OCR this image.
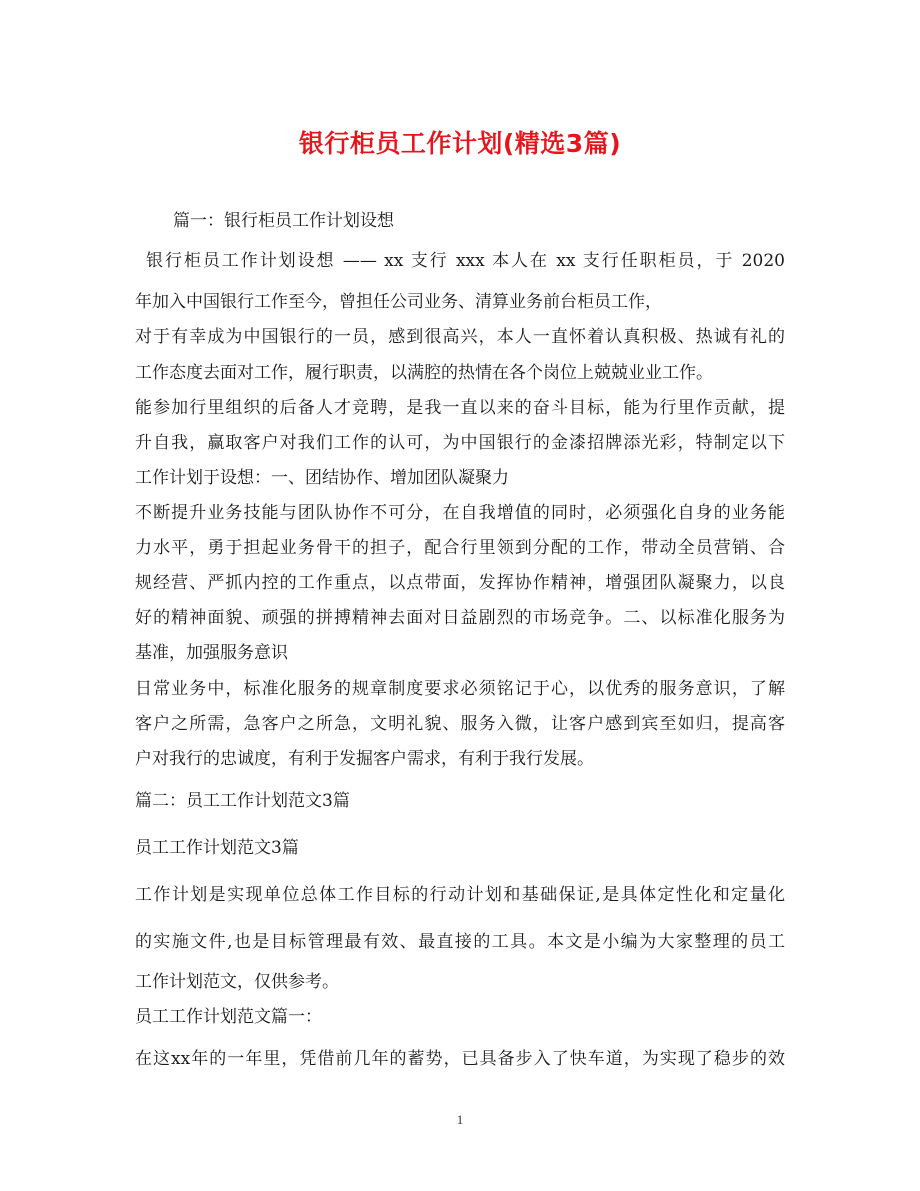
银行柜员工作计划(精选3篇)
篇一：银行柜员工作计划设想
银行柜员工作计划设想 —— xx 支行 xxx 本人在 xx 支行任职柜员，于 2020
年加入中国银行工作至今，曾担任公司业务、清算业务前台柜员工作，
对于有幸成为中国银行的一员，感到很高兴，本人一直怀着认真积极、热诚有礼的
工作态度去面对工作，履行职责，以满腔的热情在各个岗位上兢兢业业工作。
能参加行里组织的后备人才竞聘，是我一直以来的奋斗目标，能为行里作贡献，提
升自我，赢取客户对我们工作的认可，为中国银行的金漆招牌添光彩，特制定以下
工作计划于设想：一、团结协作、增加团队凝聚力
不断提升业务技能与团队协作不可分，在自我增值的同时，必须强化自身的业务能
力水平，勇于担起业务骨干的担子，配合行里领到分配的工作，带动全员营销、合
规经营、严抓内控的工作重点，以点带面，发挥协作精神，增强团队凝聚力，以良
好的精神面貌、顽强的拼搏精神去面对日益剧烈的市场竞争。二、以标准化服务为
基准，加强服务意识
日常业务中，标准化服务的规章制度要求必须铭记于心，以优秀的服务意识，了解
客户之所需，急客户之所急，文明礼貌、服务入微，让客户感到宾至如归，提高客
户对我行的忠诚度，有利于发掘客户需求，有利于我行发展。
篇二：员工工作计划范文3篇
员工工作计划范文3篇
工作计划是实现单位总体工作目标的行动计划和基础保证,是具体定性化和定量化
的实施文件,也是目标管理最有效、最直接的工具。本文是小编为大家整理的员工
工作计划范文，仅供参考。
员工工作计划范文篇一：
在这xx年的一年里，凭借前几年的蓄势，已具备步入了快车道，为实现了稳步的效
1
